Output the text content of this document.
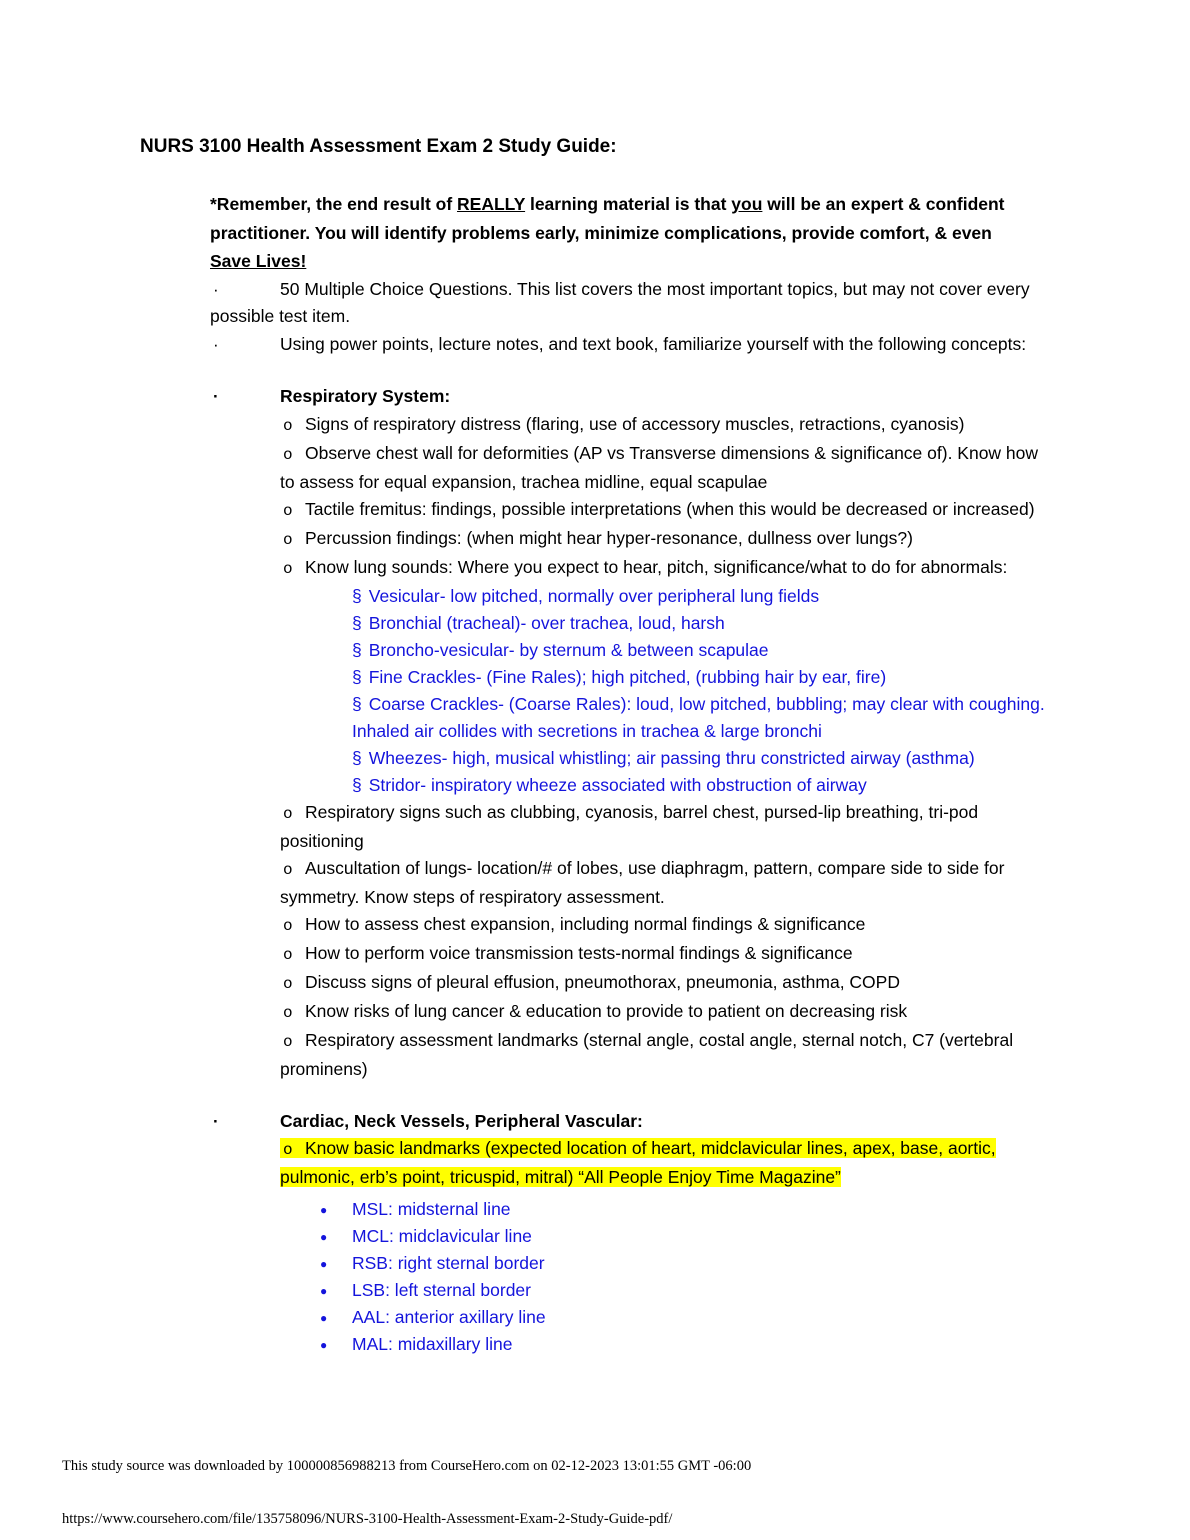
NURS 3100 Health Assessment Exam 2 Study Guide:

*Remember, the end result of REALLY learning material is that you will be an expert & confident practitioner. You will identify problems early, minimize complications, provide comfort, & even Save Lives!

·	50 Multiple Choice Questions. This list covers the most important topics, but may not cover every possible test item.

·	Using power points, lecture notes, and text book, familiarize yourself with the following concepts:

·	Respiratory System:

o Signs of respiratory distress (flaring, use of accessory muscles, retractions, cyanosis)

o Observe chest wall for deformities (AP vs Transverse dimensions & significance of). Know how to assess for equal expansion, trachea midline, equal scapulae

o Tactile fremitus: findings, possible interpretations (when this would be decreased or increased)

o Percussion findings: (when might hear hyper-resonance, dullness over lungs?)

o Know lung sounds: Where you expect to hear, pitch, significance/what to do for abnormals:

§ Vesicular- low pitched, normally over peripheral lung fields

§ Bronchial (tracheal)- over trachea, loud, harsh

§ Broncho-vesicular- by sternum & between scapulae

§ Fine Crackles- (Fine Rales); high pitched, (rubbing hair by ear, fire)

§ Coarse Crackles- (Coarse Rales): loud, low pitched, bubbling; may clear with coughing. Inhaled air collides with secretions in trachea & large bronchi

§ Wheezes- high, musical whistling; air passing thru constricted airway (asthma)

§ Stridor- inspiratory wheeze associated with obstruction of airway

o Respiratory signs such as clubbing, cyanosis, barrel chest, pursed-lip breathing, tri-pod positioning

o Auscultation of lungs- location/# of lobes, use diaphragm, pattern, compare side to side for symmetry. Know steps of respiratory assessment.

o How to assess chest expansion, including normal findings & significance

o How to perform voice transmission tests-normal findings & significance

o Discuss signs of pleural effusion, pneumothorax, pneumonia, asthma, COPD

o Know risks of lung cancer & education to provide to patient on decreasing risk

o Respiratory assessment landmarks (sternal angle, costal angle, sternal notch, C7 (vertebral prominens)

·	Cardiac, Neck Vessels, Peripheral Vascular:

o Know basic landmarks (expected location of heart, midclavicular lines, apex, base, aortic, pulmonic, erb’s point, tricuspid, mitral) “All People Enjoy Time Magazine”

● MSL: midsternal line

● MCL: midclavicular line

● RSB: right sternal border

● LSB: left sternal border

● AAL: anterior axillary line

● MAL: midaxillary line

This study source was downloaded by 100000856988213 from CourseHero.com on 02-12-2023 13:01:55 GMT -06:00
https://www.coursehero.com/file/135758096/NURS-3100-Health-Assessment-Exam-2-Study-Guide-pdf/
